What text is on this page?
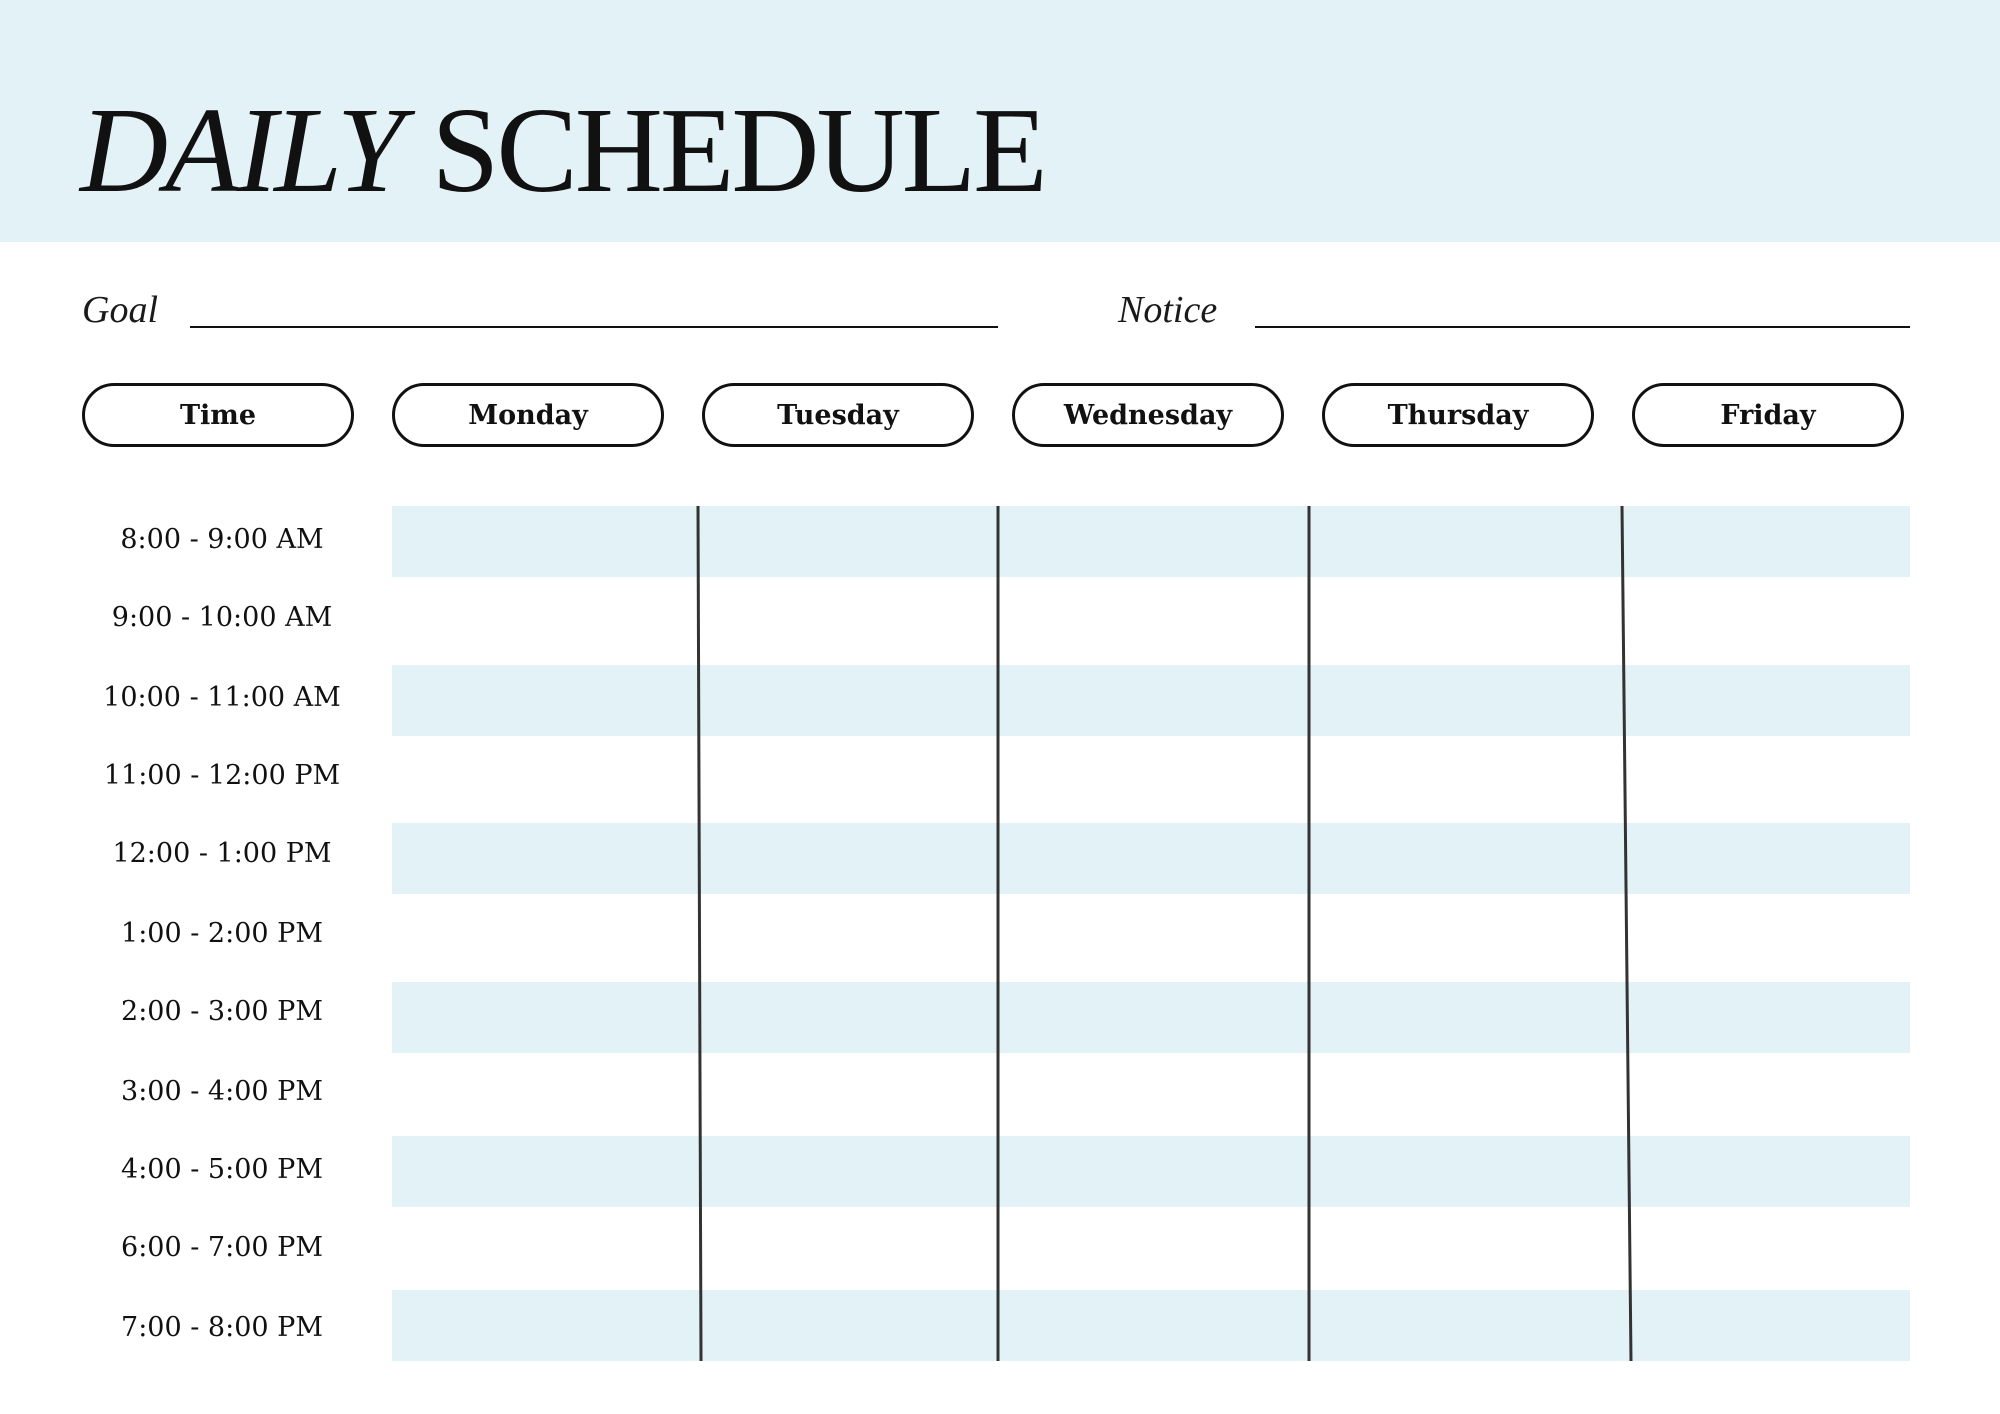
DAILY SCHEDULE
Goal	Notice
Time	Monday	Tuesday	Wednesday	Thursday	Friday
8:00 - 9:00 AM
9:00 - 10:00 AM
10:00 - 11:00 AM
11:00 - 12:00 PM
12:00 - 1:00 PM
1:00 - 2:00 PM
2:00 - 3:00 PM
3:00 - 4:00 PM
4:00 - 5:00 PM
6:00 - 7:00 PM
7:00 - 8:00 PM
